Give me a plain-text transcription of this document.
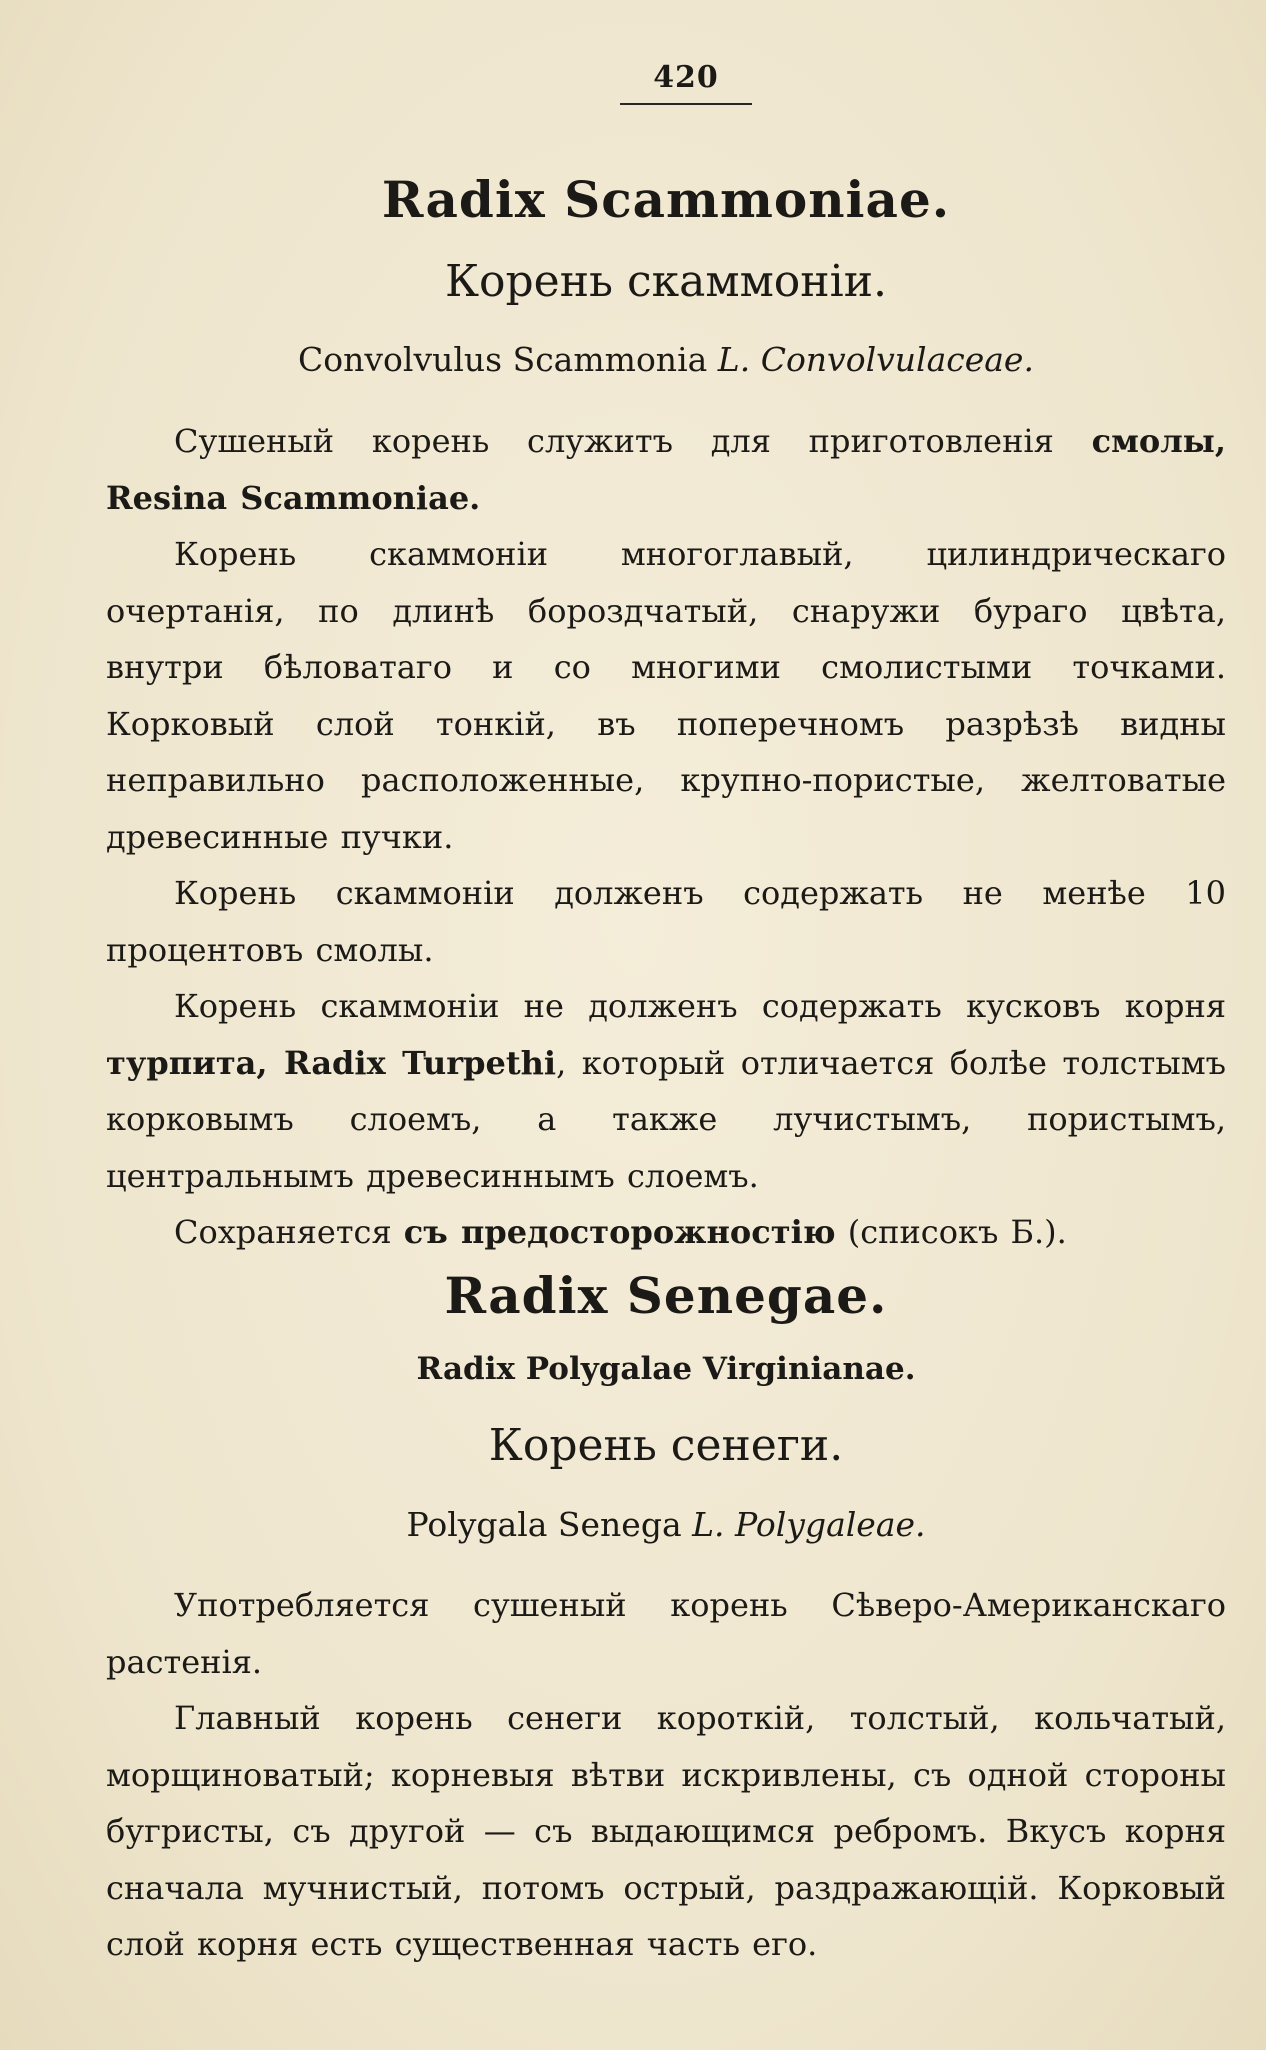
420
Radix Scammoniae.
Корень скаммоніи.
Convolvulus Scammonia L. Convolvulaceae.

Сушеный корень служитъ для приготовленія смолы, Resina Scammoniae.

Корень скаммоніи многоглавый, цилиндрическаго очертанія, по длинѣ бороздчатый, снаружи бураго цвѣта, внутри бѣловатаго и со многими смолистыми точками. Корковый слой тонкій, въ поперечномъ разрѣзѣ видны неправильно расположенные, крупно-пористые, желтоватые древесинные пучки.

Корень скаммоніи долженъ содержать не менѣе 10 процентовъ смолы.

Корень скаммоніи не долженъ содержать кусковъ корня турпита, Radix Turpethi, который отличается болѣе толстымъ корковымъ слоемъ, а также лучистымъ, пористымъ, центральнымъ древесиннымъ слоемъ.

Сохраняется съ предосторожностію (списокъ Б.).

Radix Senegae.
Radix Polygalae Virginianae.
Корень сенеги.
Polygala Senega L. Polygaleae.

Употребляется сушеный корень Сѣверо-Американскаго растенія.

Главный корень сенеги короткій, толстый, кольчатый, морщиноватый; корневыя вѣтви искривлены, съ одной стороны бугристы, съ другой — съ выдающимся ребромъ. Вкусъ корня сначала мучнистый, потомъ острый, раздражающій. Корковый слой корня есть существенная часть его.
